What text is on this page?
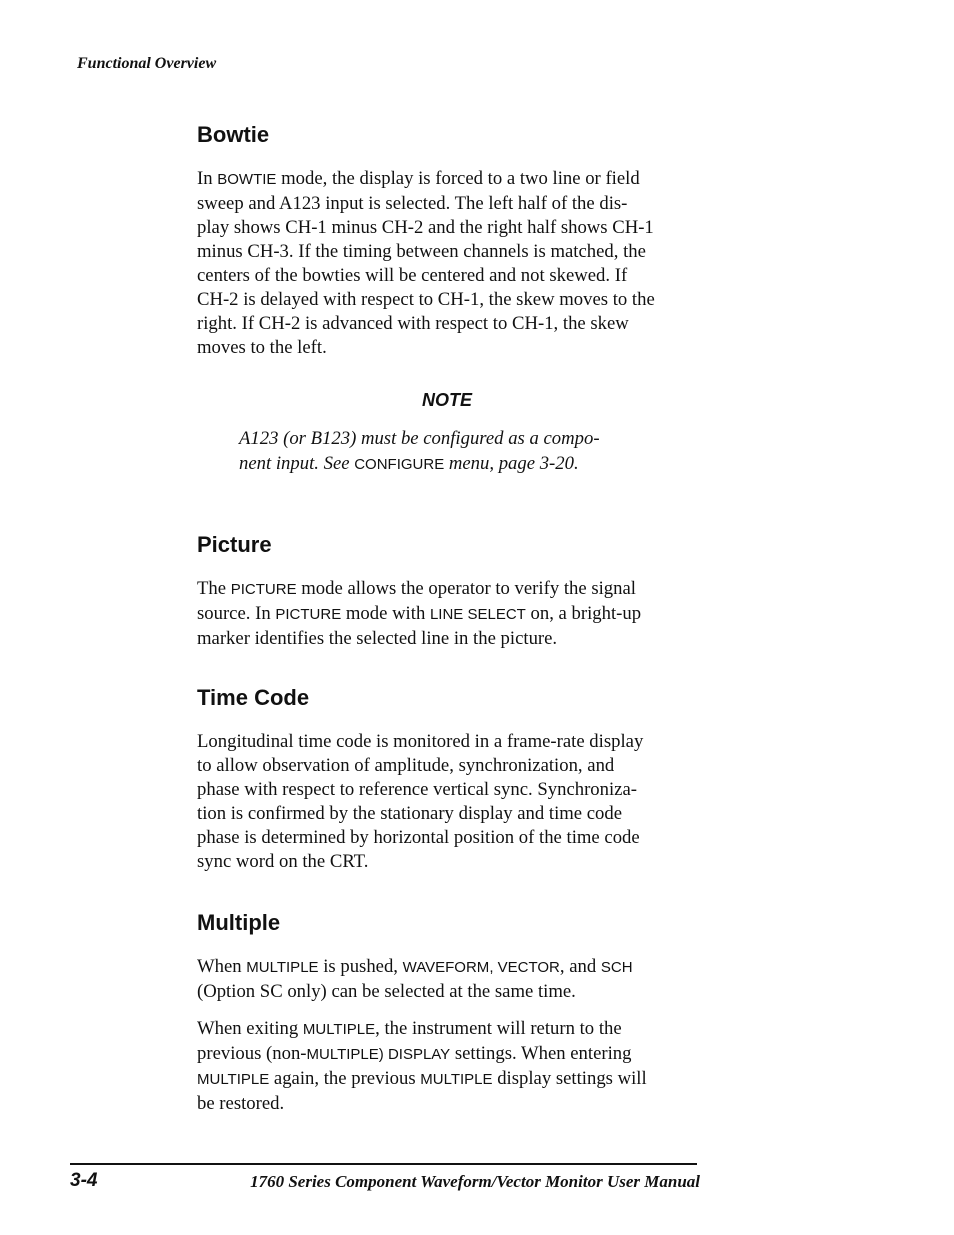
Functional Overview

Bowtie
In BOWTIE mode, the display is forced to a two line or field
sweep and A123 input is selected. The left half of the dis-
play shows CH-1 minus CH-2 and the right half shows CH-1
minus CH-3. If the timing between channels is matched, the
centers of the bowties will be centered and not skewed. If
CH-2 is delayed with respect to CH-1, the skew moves to the
right. If CH-2 is advanced with respect to CH-1, the skew
moves to the left.

NOTE

A123 (or B123) must be configured as a compo-
nent input. See CONFIGURE menu, page 3-20.
Picture
The PICTURE mode allows the operator to verify the signal
source. In PICTURE mode with LINE SELECT on, a bright-up
marker identifies the selected line in the picture.
Time Code
Longitudinal time code is monitored in a frame-rate display
to allow observation of amplitude, synchronization, and
phase with respect to reference vertical sync. Synchroniza-
tion is confirmed by the stationary display and time code
phase is determined by horizontal position of the time code
sync word on the CRT.
Multiple
When MULTIPLE is pushed, WAVEFORM, VECTOR, and SCH
(Option SC only) can be selected at the same time.
When exiting MULTIPLE, the instrument will return to the
previous (non-MULTIPLE) DISPLAY settings. When entering
MULTIPLE again, the previous MULTIPLE display settings will
be restored.

3-4	1760 Series Component Waveform/Vector Monitor User Manual
